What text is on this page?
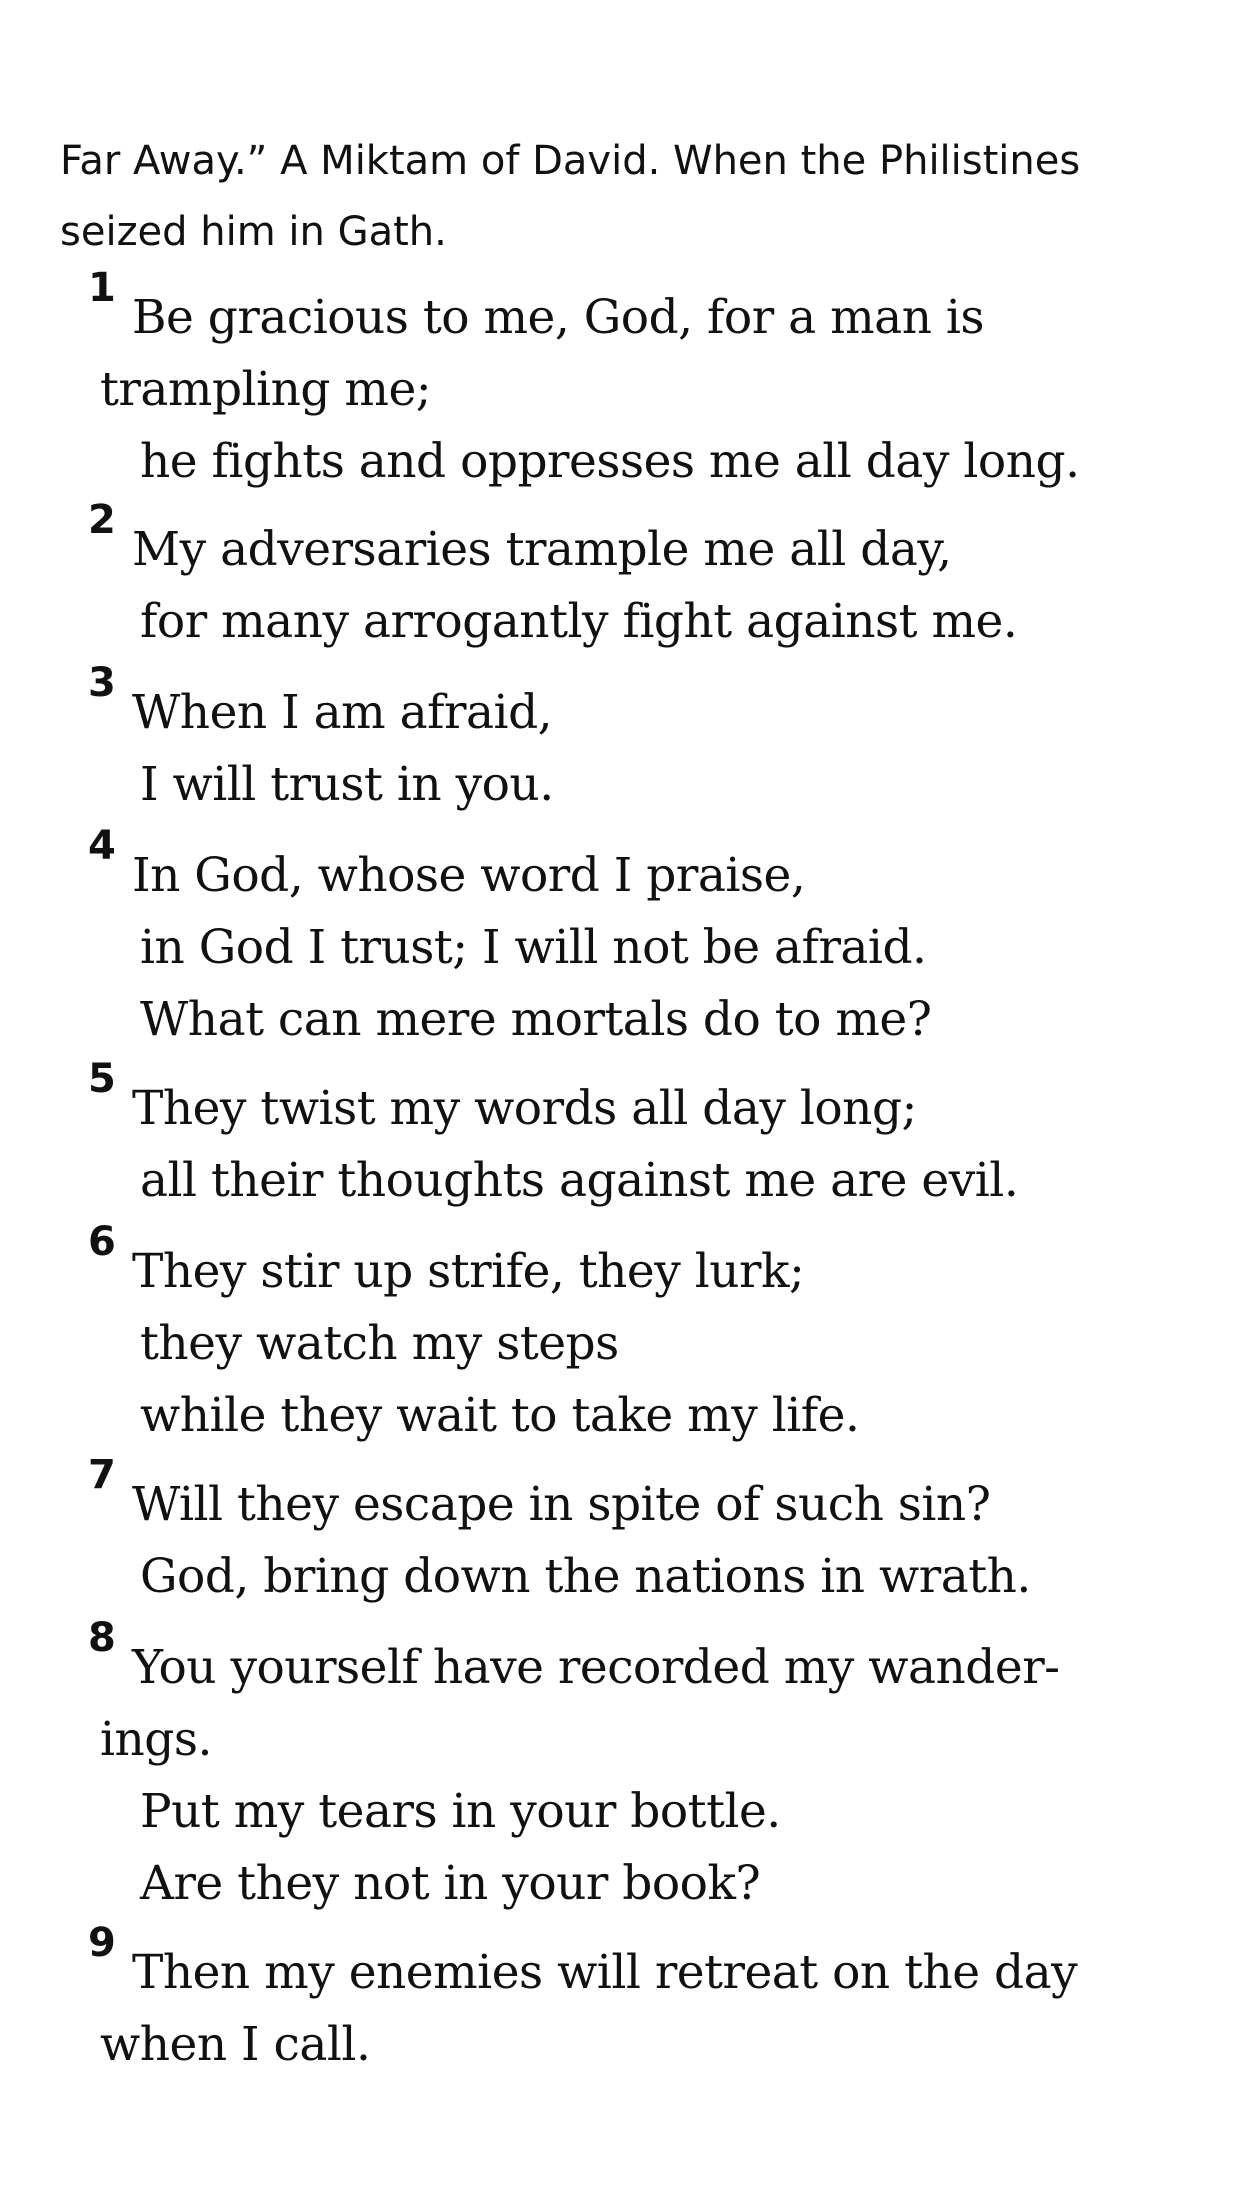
Far Away.” A Miktam of David. When the Philistines
seized him in Gath.
1
Be gracious to me, God, for a man is
trampling me;
he fights and oppresses me all day long.
2
My adversaries trample me all day,
for many arrogantly fight against me.
3
When I am afraid,
I will trust in you.
4
In God, whose word I praise,
in God I trust; I will not be afraid.
What can mere mortals do to me?
5
They twist my words all day long;
all their thoughts against me are evil.
6
They stir up strife, they lurk;
they watch my steps
while they wait to take my life.
7
Will they escape in spite of such sin?
God, bring down the nations in wrath.
8
You yourself have recorded my wander-
ings.
Put my tears in your bottle.
Are they not in your book?
9
Then my enemies will retreat on the day
when I call.
